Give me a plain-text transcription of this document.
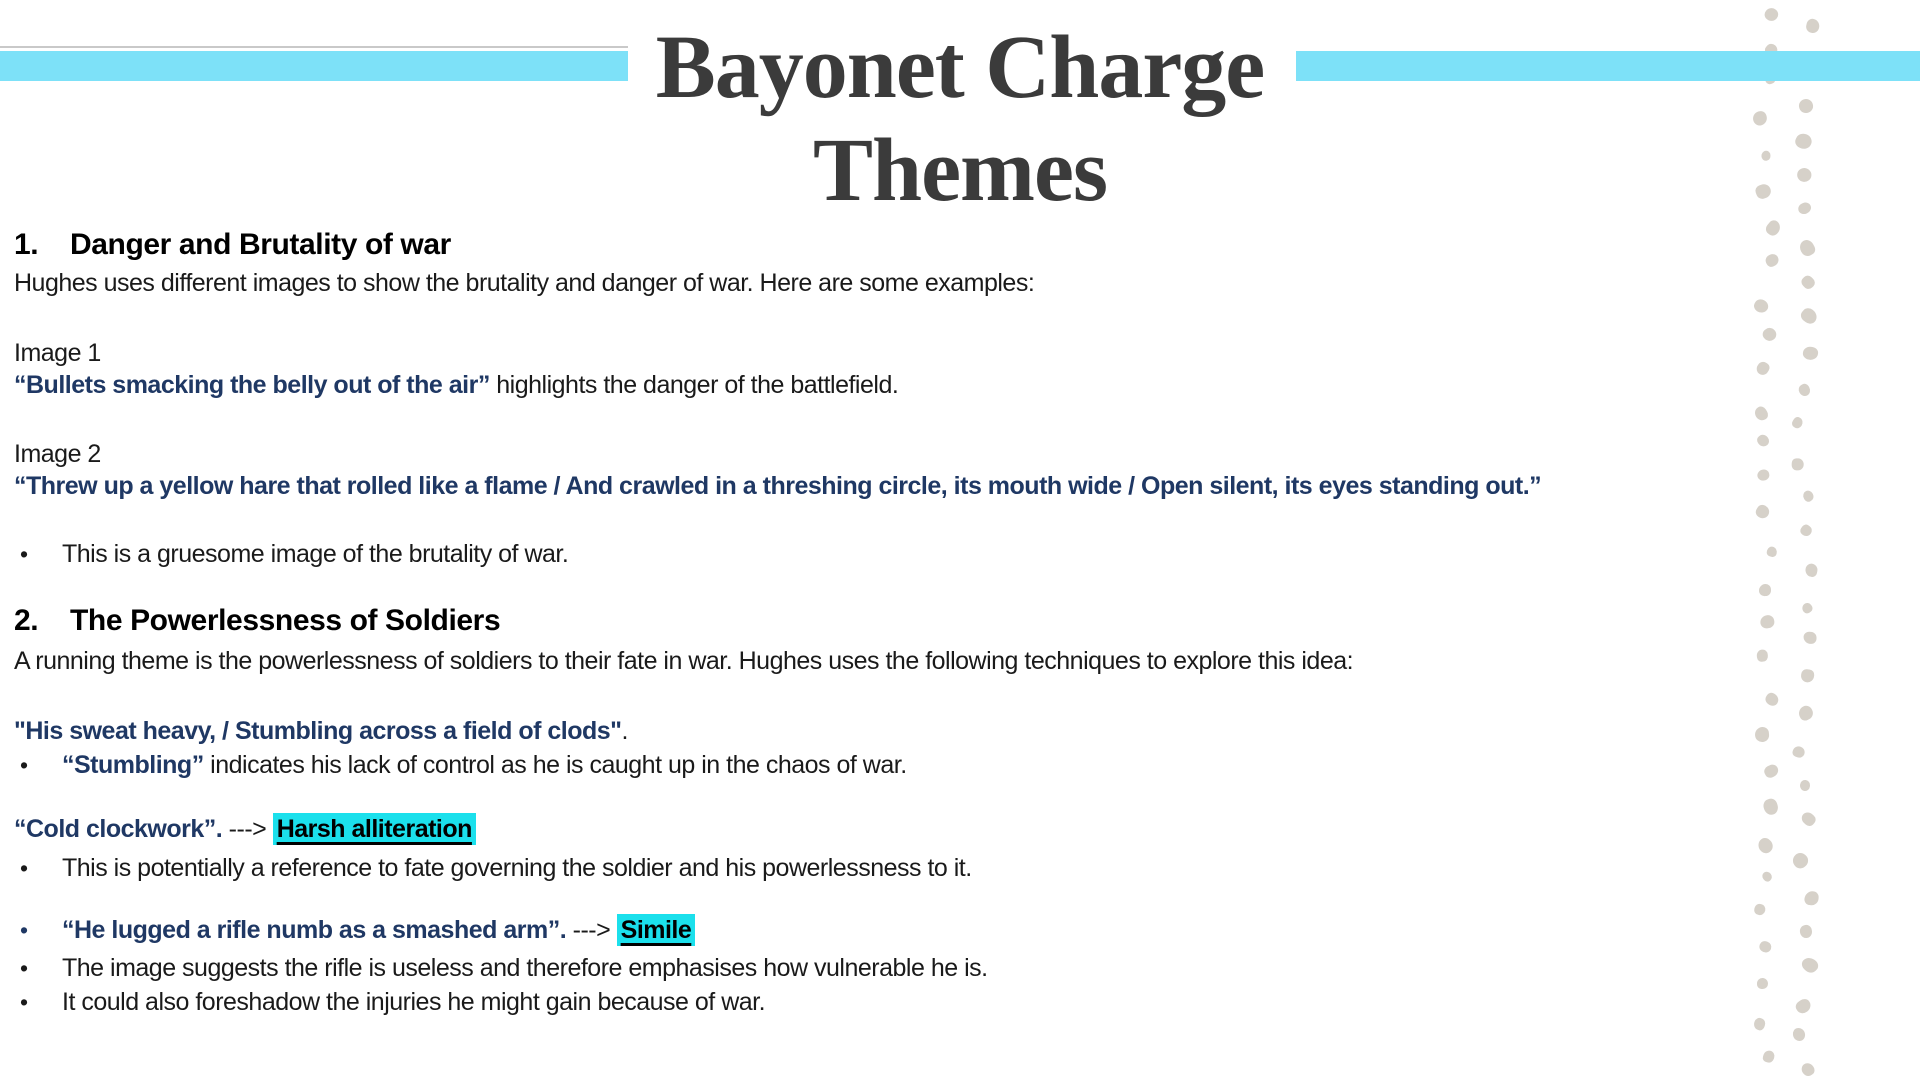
Bayonet Charge
Themes
1. Danger and Brutality of war
Hughes uses different images to show the brutality and danger of war. Here are some examples:
Image 1
“Bullets smacking the belly out of the air” highlights the danger of the battlefield.
Image 2
“Threw up a yellow hare that rolled like a flame / And crawled in a threshing circle, its mouth wide / Open silent, its eyes standing out.”
•	This is a gruesome image of the brutality of war.
2. The Powerlessness of Soldiers
A running theme is the powerlessness of soldiers to their fate in war. Hughes uses the following techniques to explore this idea:
"His sweat heavy, / Stumbling across a field of clods".
•	“Stumbling” indicates his lack of control as he is caught up in the chaos of war.
“Cold clockwork”. ---> Harsh alliteration
•	This is potentially a reference to fate governing the soldier and his powerlessness to it.
•	“He lugged a rifle numb as a smashed arm”. ---> Simile
•	The image suggests the rifle is useless and therefore emphasises how vulnerable he is.
•	It could also foreshadow the injuries he might gain because of war.
